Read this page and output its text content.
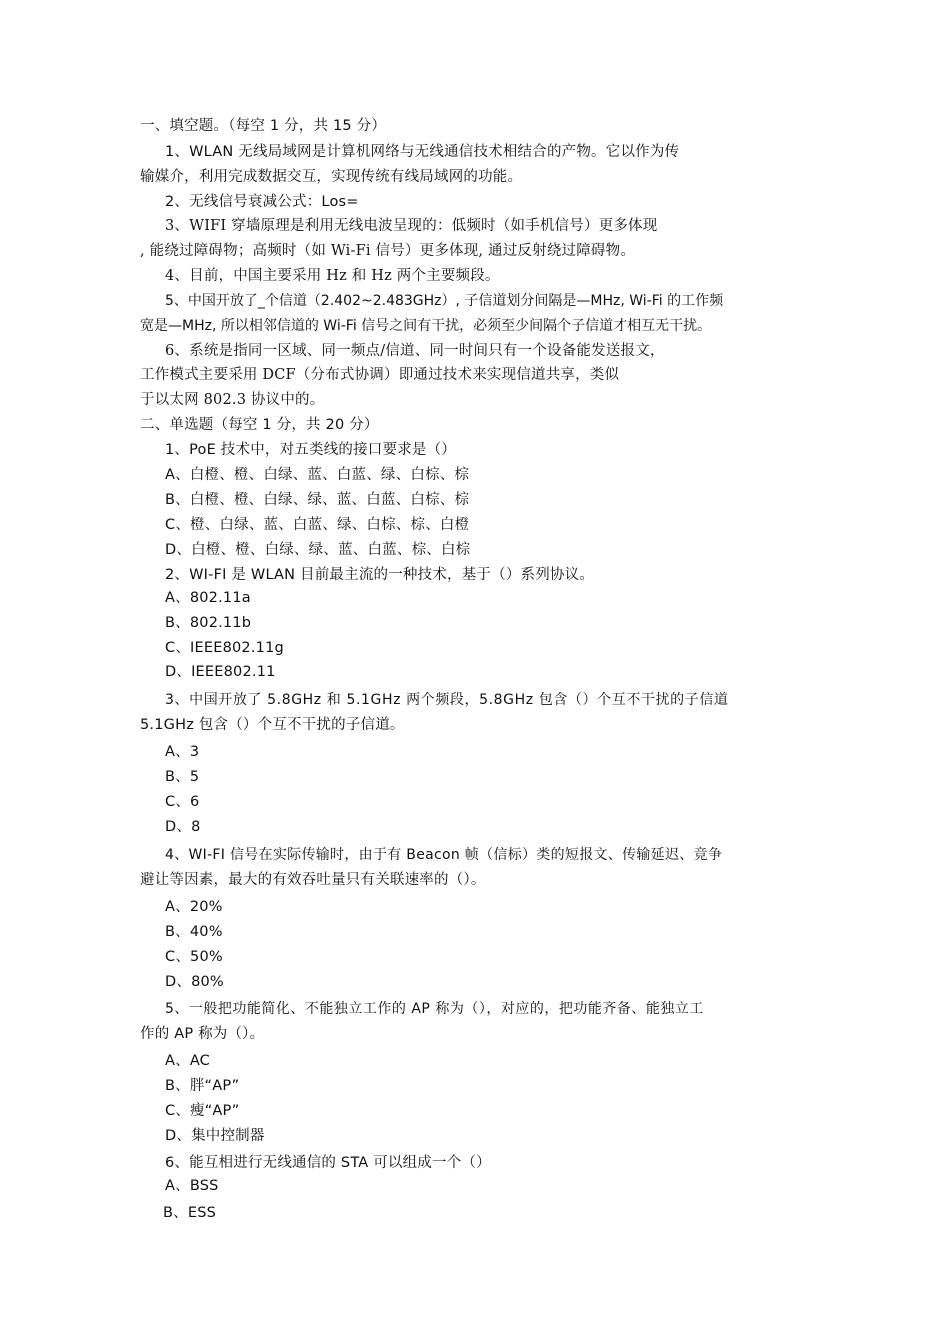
一、填空题。（每空 1 分，共 15 分）
1、WLAN 无线局域网是计算机网络与无线通信技术相结合的产物。它以作为传
输媒介，利用完成数据交互，实现传统有线局域网的功能。
2、无线信号衰减公式：Los=
3、WIFI 穿墙原理是利用无线电波呈现的：低频时（如手机信号）更多体现
, 能绕过障碍物；高频时（如 Wi-Fi 信号）更多体现, 通过反射绕过障碍物。
4、目前，中国主要采用 Hz 和 Hz 两个主要频段。
5、中国开放了_个信道（2.402~2.483GHz）, 子信道划分间隔是—MHz, Wi-Fi 的工作频
宽是—MHz, 所以相邻信道的 Wi-Fi 信号之间有干扰，必须至少间隔个子信道才相互无干扰。
6、系统是指同一区域、同一频点/信道、同一时间只有一个设备能发送报文，
工作模式主要采用 DCF（分布式协调）即通过技术来实现信道共享，类似
于以太网 802.3 协议中的。
二、单选题（每空 1 分，共 20 分）
1、PoE 技术中，对五类线的接口要求是（）
A、白橙、橙、白绿、蓝、白蓝、绿、白棕、棕
B、白橙、橙、白绿、绿、蓝、白蓝、白棕、棕
C、橙、白绿、蓝、白蓝、绿、白棕、棕、白橙
D、白橙、橙、白绿、绿、蓝、白蓝、棕、白棕
2、WI-FI 是 WLAN 目前最主流的一种技术，基于（）系列协议。
A、802.11a
B、802.11b
C、IEEE802.11g
D、IEEE802.11
3、中国开放了 5.8GHz 和 5.1GHz 两个频段，5.8GHz 包含（）个互不干扰的子信道
5.1GHz 包含（）个互不干扰的子信道。
A、3
B、5
C、6
D、8
4、WI-FI 信号在实际传输时，由于有 Beacon 帧（信标）类的短报文、传输延迟、竞争
避让等因素，最大的有效吞吐量只有关联速率的（）。
A、20%
B、40%
C、50%
D、80%
5、一般把功能简化、不能独立工作的 AP 称为（），对应的，把功能齐备、能独立工
作的 AP 称为（）。
A、AC
B、胖“AP”
C、瘦“AP”
D、集中控制器
6、能互相进行无线通信的 STA 可以组成一个（）
A、BSS
B、ESS
